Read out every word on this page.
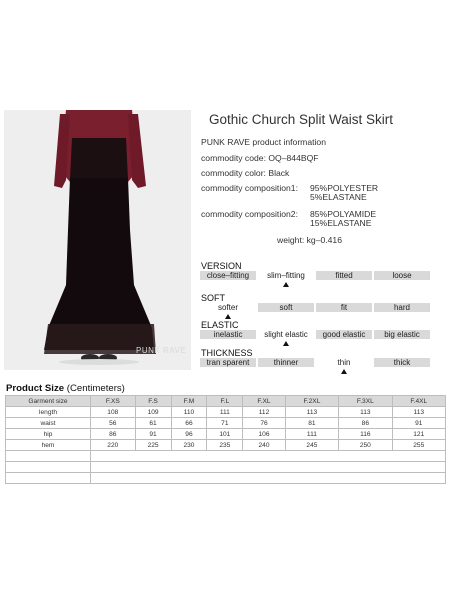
PUNK RAVE
Gothic Church Split Waist Skirt
PUNK RAVE product information
commodity code: OQ–844BQF
commodity color: Black
commodity composition1: 95%POLYESTER
5%ELASTANE
commodity composition2: 85%POLYAMIDE
15%ELASTANE
weight: kg–0.416
VERSION
close–fitting	slim–fitting	fitted	loose
SOFT
softer	soft	fit	hard
ELASTIC
inelastic	slight elastic	good elastic	big elastic
THICKNESS
tran sparent	thinner	thin	thick
Product Size (Centimeters)
Garment size	F.XS	F.S	F.M	F.L	F.XL	F.2XL	F.3XL	F.4XL
length	108	109	110	111	112	113	113	113
waist	56	61	66	71	76	81	86	91
hip	86	91	96	101	106	111	116	121
hem	220	225	230	235	240	245	250	255
